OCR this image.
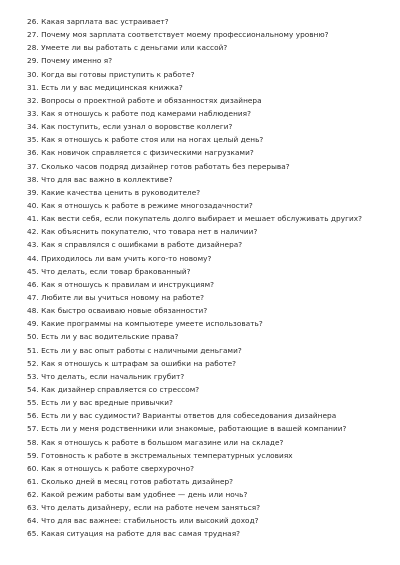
26. Какая зарплата вас устраивает?
27. Почему моя зарплата соответствует моему профессиональному уровню?
28. Умеете ли вы работать с деньгами или кассой?
29. Почему именно я?
30. Когда вы готовы приступить к работе?
31. Есть ли у вас медицинская книжка?
32. Вопросы о проектной работе и обязанностях дизайнера
33. Как я отношусь к работе под камерами наблюдения?
34. Как поступить, если узнал о воровстве коллеги?
35. Как я отношусь к работе стоя или на ногах целый день?
36. Как новичок справляется с физическими нагрузками?
37. Сколько часов подряд дизайнер готов работать без перерыва?
38. Что для вас важно в коллективе?
39. Какие качества ценить в руководителе?
40. Как я отношусь к работе в режиме многозадачности?
41. Как вести себя, если покупатель долго выбирает и мешает обслуживать других?
42. Как объяснить покупателю, что товара нет в наличии?
43. Как я справлялся с ошибками в работе дизайнера?
44. Приходилось ли вам учить кого-то новому?
45. Что делать, если товар бракованный?
46. Как я отношусь к правилам и инструкциям?
47. Любите ли вы учиться новому на работе?
48. Как быстро осваиваю новые обязанности?
49. Какие программы на компьютере умеете использовать?
50. Есть ли у вас водительские права?
51. Есть ли у вас опыт работы с наличными деньгами?
52. Как я отношусь к штрафам за ошибки на работе?
53. Что делать, если начальник грубит?
54. Как дизайнер справляется со стрессом?
55. Есть ли у вас вредные привычки?
56. Есть ли у вас судимости? Варианты ответов для собеседования дизайнера
57. Есть ли у меня родственники или знакомые, работающие в вашей компании?
58. Как я отношусь к работе в большом магазине или на складе?
59. Готовность к работе в экстремальных температурных условиях
60. Как я отношусь к работе сверхурочно?
61. Сколько дней в месяц готов работать дизайнер?
62. Какой режим работы вам удобнее — день или ночь?
63. Что делать дизайнеру, если на работе нечем заняться?
64. Что для вас важнее: стабильность или высокий доход?
65. Какая ситуация на работе для вас самая трудная?
